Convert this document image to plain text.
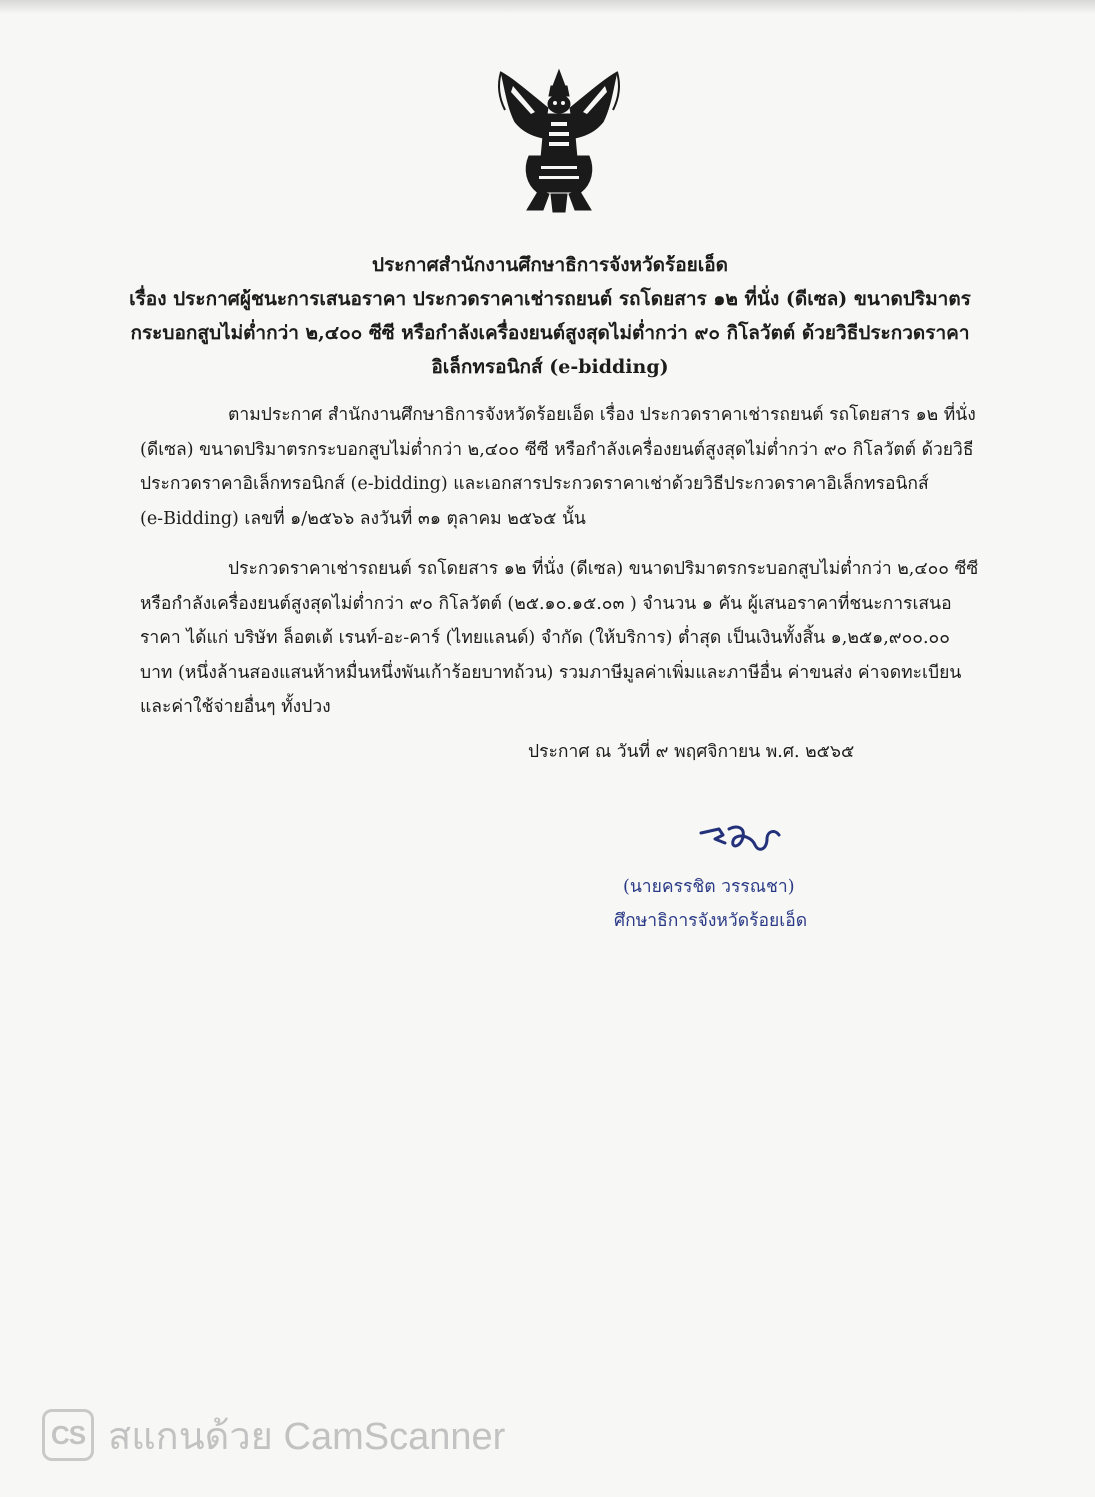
ประกาศสำนักงานศึกษาธิการจังหวัดร้อยเอ็ด
เรื่อง ประกาศผู้ชนะการเสนอราคา ประกวดราคาเช่ารถยนต์ รถโดยสาร ๑๒ ที่นั่ง (ดีเซล) ขนาดปริมาตร
กระบอกสูบไม่ต่ำกว่า ๒,๔๐๐ ซีซี หรือกำลังเครื่องยนต์สูงสุดไม่ต่ำกว่า ๙๐ กิโลวัตต์ ด้วยวิธีประกวดราคา
อิเล็กทรอนิกส์ (e-bidding)
ตามประกาศ สำนักงานศึกษาธิการจังหวัดร้อยเอ็ด เรื่อง ประกวดราคาเช่ารถยนต์ รถโดยสาร ๑๒ ที่นั่ง
(ดีเซล) ขนาดปริมาตรกระบอกสูบไม่ต่ำกว่า ๒,๔๐๐ ซีซี หรือกำลังเครื่องยนต์สูงสุดไม่ต่ำกว่า ๙๐ กิโลวัตต์ ด้วยวิธี
ประกวดราคาอิเล็กทรอนิกส์ (e-bidding) และเอกสารประกวดราคาเช่าด้วยวิธีประกวดราคาอิเล็กทรอนิกส์
(e-Bidding) เลขที่ ๑/๒๕๖๖ ลงวันที่ ๓๑ ตุลาคม ๒๕๖๕ นั้น
ประกวดราคาเช่ารถยนต์ รถโดยสาร ๑๒ ที่นั่ง (ดีเซล) ขนาดปริมาตรกระบอกสูบไม่ต่ำกว่า ๒,๔๐๐ ซีซี
หรือกำลังเครื่องยนต์สูงสุดไม่ต่ำกว่า ๙๐ กิโลวัตต์ (๒๕.๑๐.๑๕.๐๓ ) จำนวน ๑ คัน ผู้เสนอราคาที่ชนะการเสนอ
ราคา ได้แก่ บริษัท ล็อตเต้ เรนท์-อะ-คาร์ (ไทยแลนด์) จำกัด (ให้บริการ) ต่ำสุด เป็นเงินทั้งสิ้น ๑,๒๕๑,๙๐๐.๐๐
บาท (หนึ่งล้านสองแสนห้าหมื่นหนึ่งพันเก้าร้อยบาทถ้วน) รวมภาษีมูลค่าเพิ่มและภาษีอื่น ค่าขนส่ง ค่าจดทะเบียน
และค่าใช้จ่ายอื่นๆ ทั้งปวง
ประกาศ ณ วันที่ ๙ พฤศจิกายน พ.ศ. ๒๕๖๕
(นายครรชิต วรรณชา)
ศึกษาธิการจังหวัดร้อยเอ็ด
CS สแกนด้วย CamScanner
